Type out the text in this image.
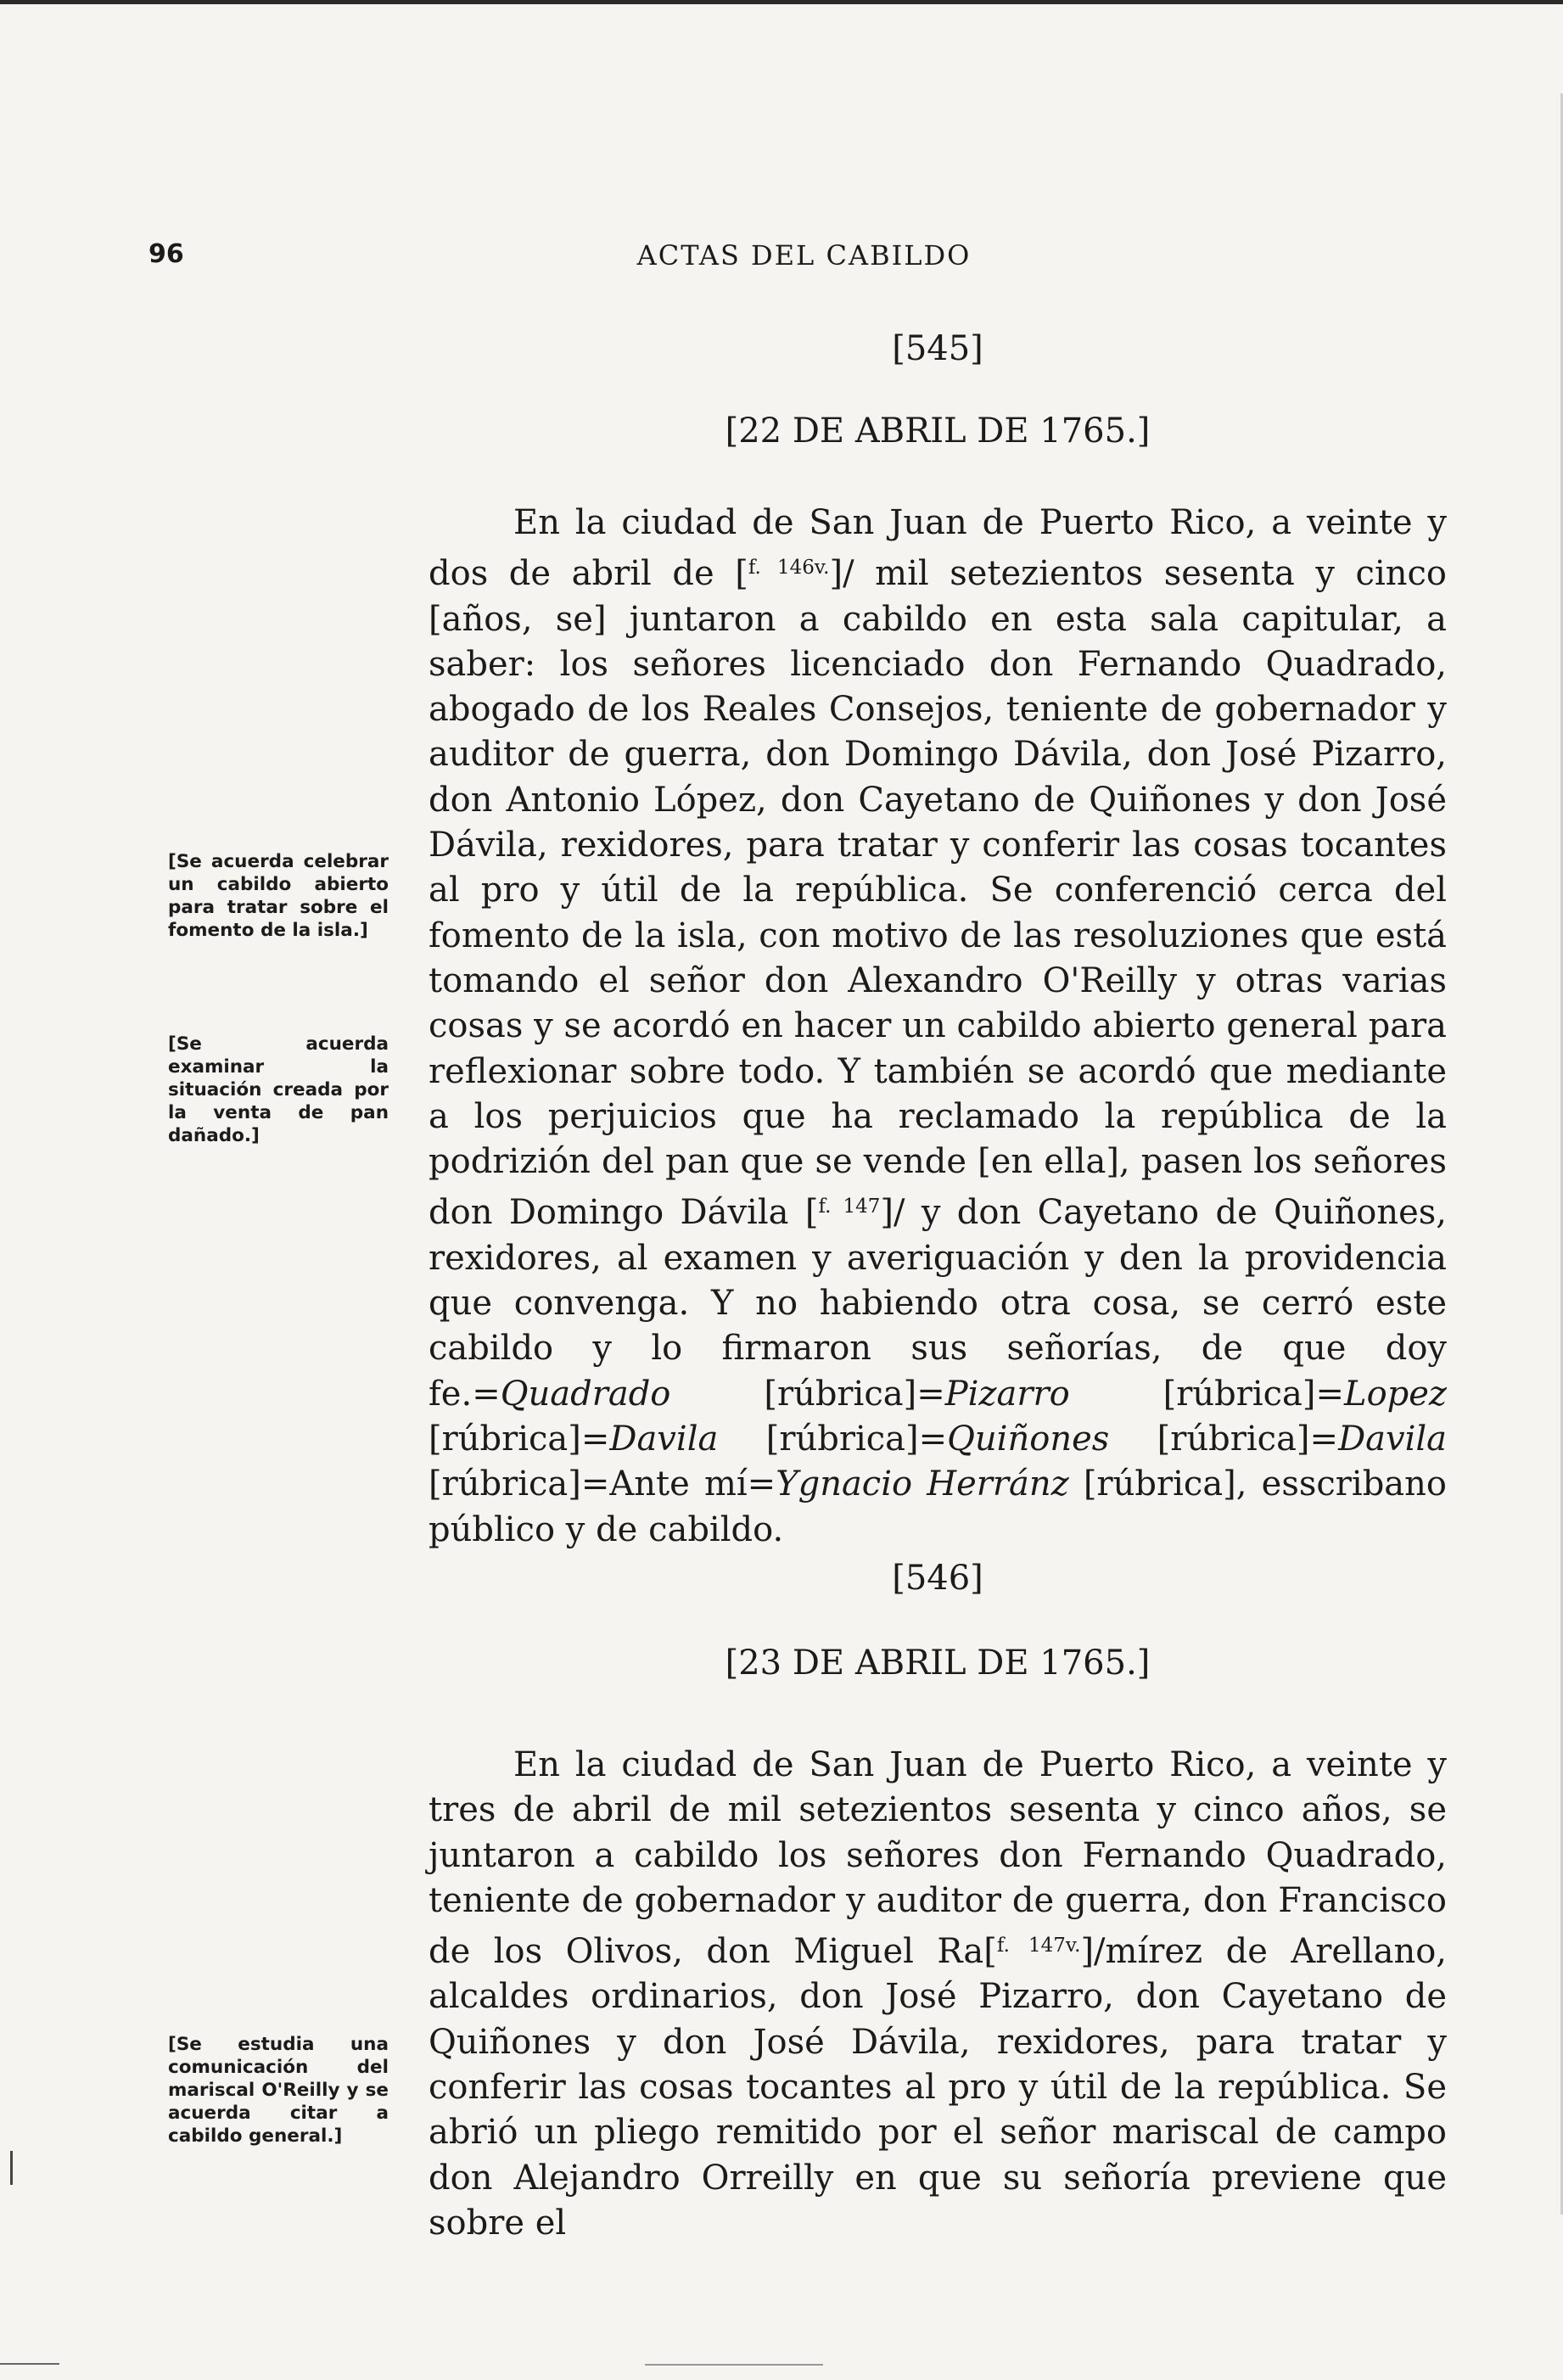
96	ACTAS DEL CABILDO
[545]
[22 DE ABRIL DE 1765.]

En la ciudad de San Juan de Puerto Rico, a veinte y dos de abril de [$^{f. 146v.}$]/ mil setezientos sesenta y cinco [años, se] juntaron a cabildo en esta sala capitular, a saber: los señores licenciado don Fernando Quadrado, abogado de los Reales Consejos, teniente de gobernador y auditor de guerra, don Domingo Dávila, don José Pizarro, don Antonio López, don Cayetano de Quiñones y don José Dávila, rexidores, para tratar y conferir las cosas tocantes al pro y útil de la república. Se conferenció cerca del fomento de la isla, con motivo de las resoluziones que está tomando el señor don Alexandro O'Reilly y otras varias cosas y se acordó en hacer un cabildo abierto general para reflexionar sobre todo. Y también se acordó que mediante a los perjuicios que ha reclamado la república de la podrizión del pan que se vende [en ella], pasen los señores don Domingo Dávila [$^{f. 147}$]/ y don Cayetano de Quiñones, rexidores, al examen y averiguación y den la providencia que convenga. Y no habiendo otra cosa, se cerró este cabildo y lo firmaron sus señorías, de que doy fe.=Quadrado [rúbrica]=Pizarro [rúbrica]=Lopez [rúbrica]=Davila [rúbrica]=Quiñones [rúbrica]=Davila [rúbrica]=Ante mí=Ygnacio Herránz [rúbrica], esscribano público y de cabildo.

[Se acuerda celebrar un cabildo abierto para tratar sobre el fomento de la isla.]

[Se acuerda examinar la situación creada por la venta de pan dañado.]

[546]
[23 DE ABRIL DE 1765.]

En la ciudad de San Juan de Puerto Rico, a veinte y tres de abril de mil setezientos sesenta y cinco años, se juntaron a cabildo los señores don Fernando Quadrado, teniente de gobernador y auditor de guerra, don Francisco de los Olivos, don Miguel Ra[$^{f. 147v.}$]/mírez de Arellano, alcaldes ordinarios, don José Pizarro, don Cayetano de Quiñones y don José Dávila, rexidores, para tratar y conferir las cosas tocantes al pro y útil de la república. Se abrió un pliego remitido por el señor mariscal de campo don Alejandro Orreilly en que su señoría previene que sobre el

[Se estudia una comunicación del mariscal O'Reilly y se acuerda citar a cabildo general.]
